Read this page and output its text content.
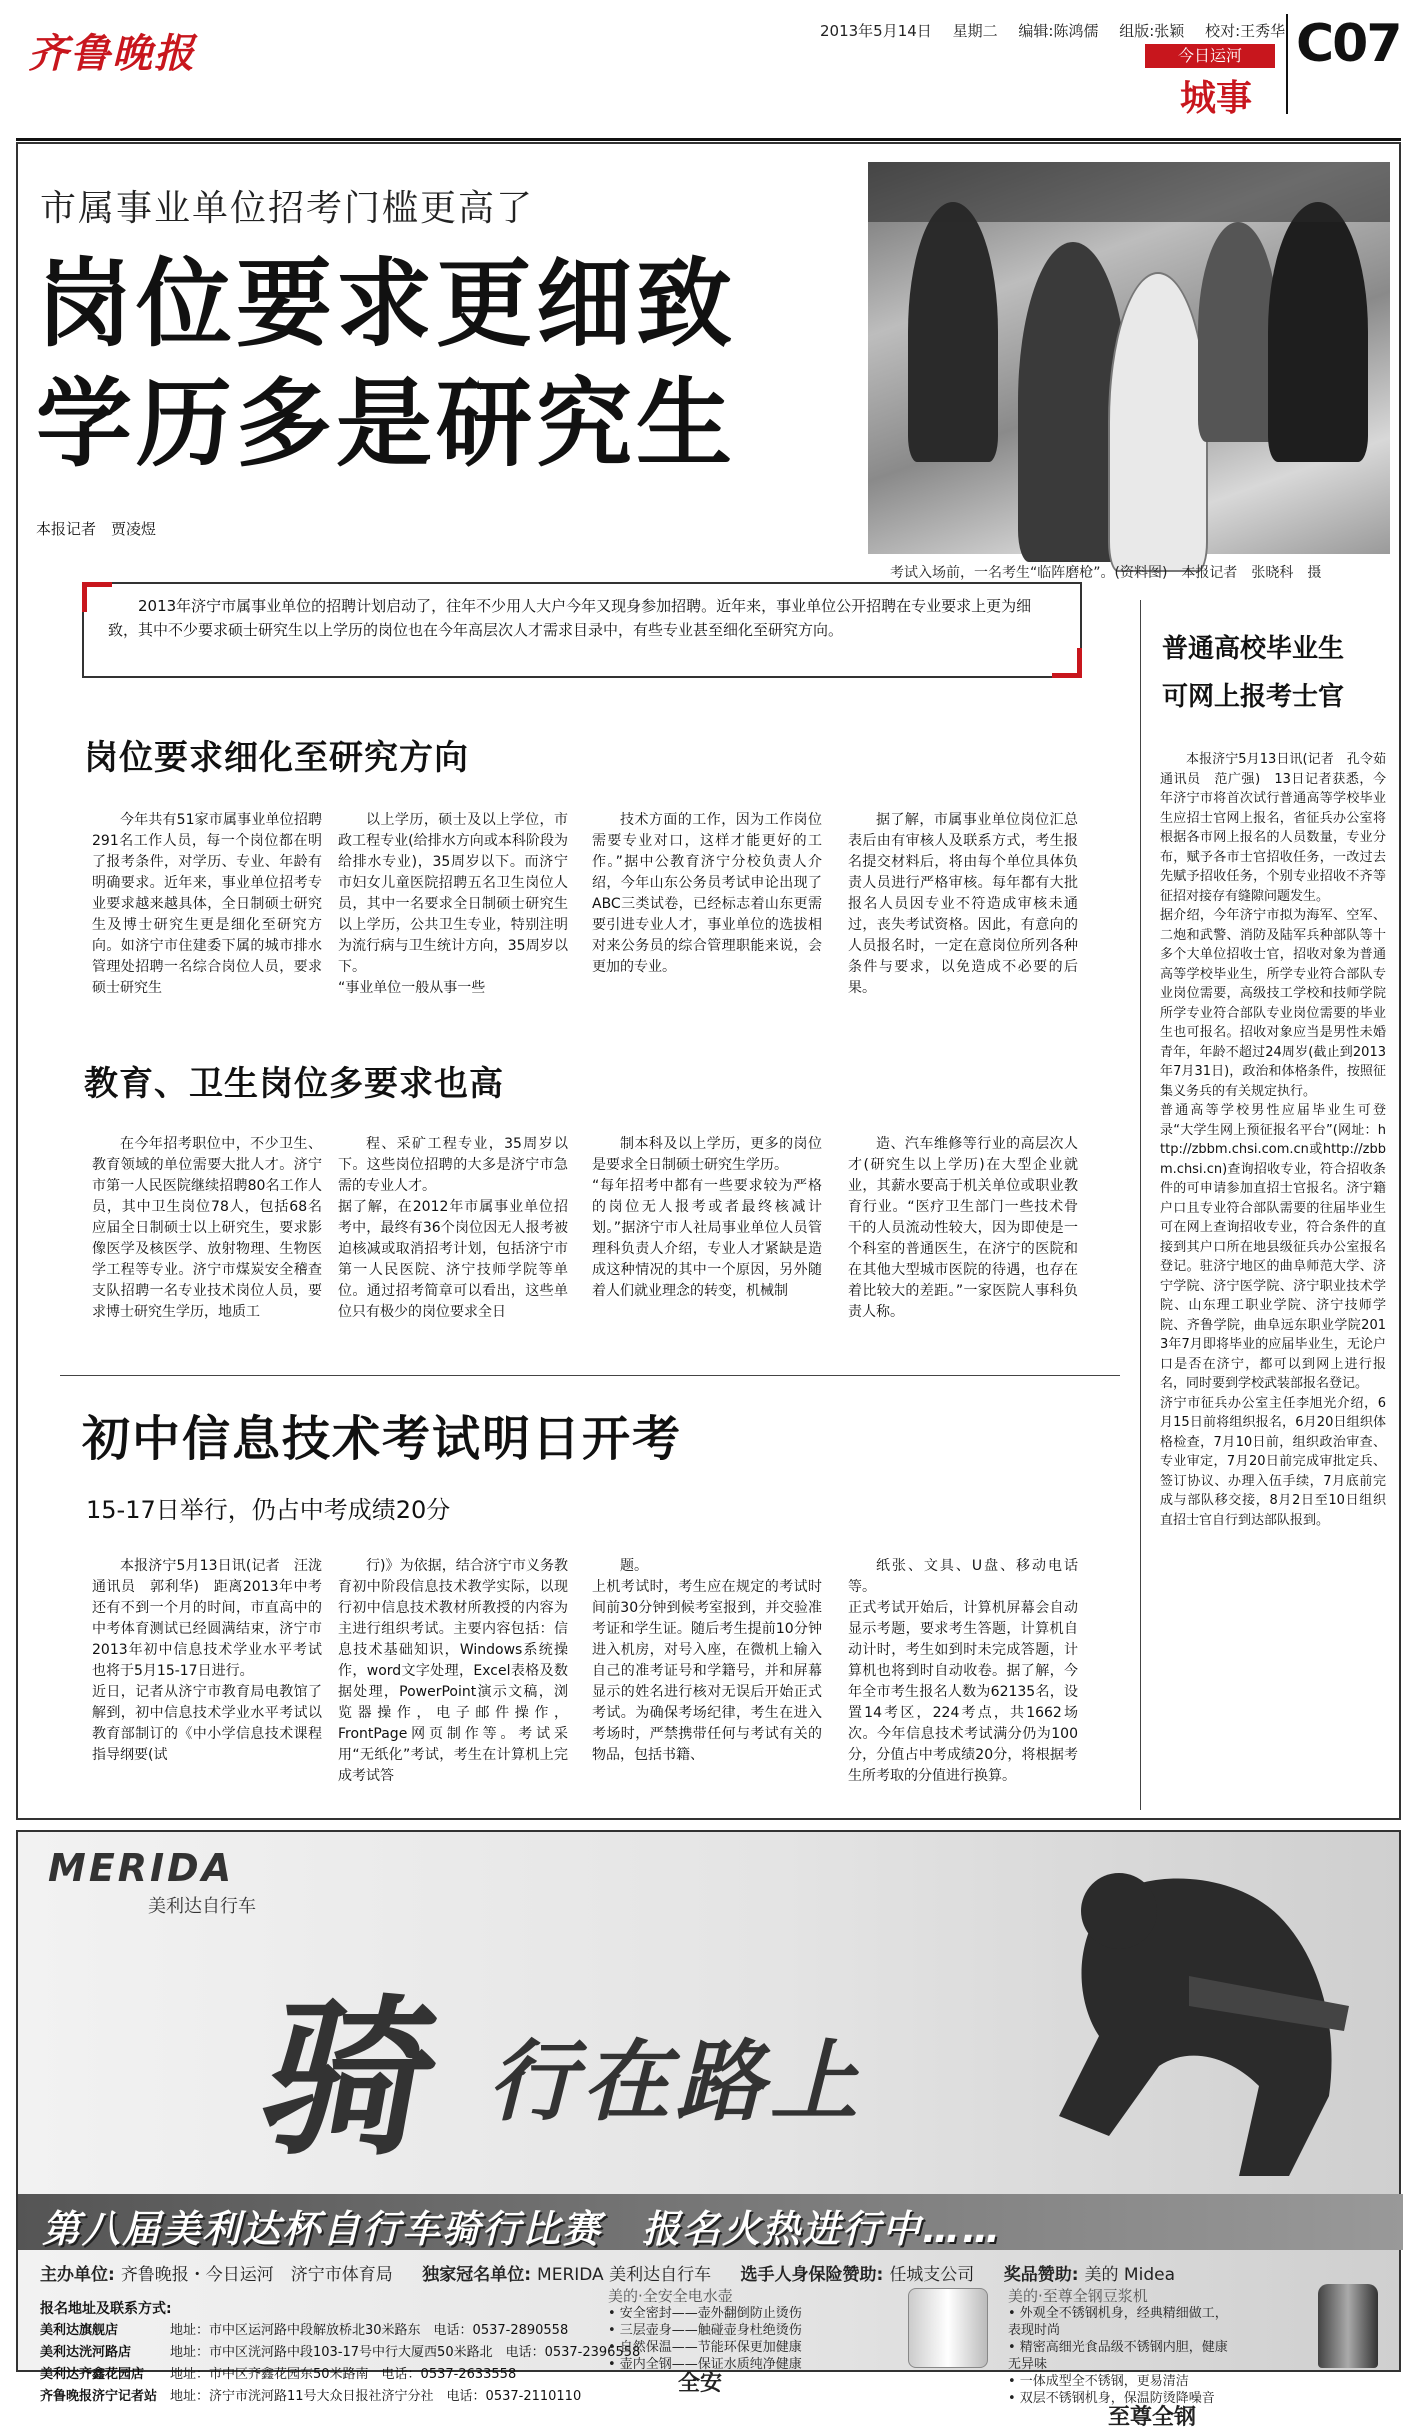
齐鲁晚报	2013年5月14日 星期二 编辑:陈鸿儒 组版:张颖 校对:王秀华
今日运河
城事
C07
市属事业单位招考门槛更高了
岗位要求更细致
学历多是研究生
本报记者　贾凌煜
考试入场前，一名考生“临阵磨枪”。(资料图)　本报记者　张晓科　摄

2013年济宁市属事业单位的招聘计划启动了，往年不少用人大户今年又现身参加招聘。近年来，事业单位公开招聘在专业要求上更为细致，其中不少要求硕士研究生以上学历的岗位也在今年高层次人才需求目录中，有些专业甚至细化至研究方向。

岗位要求细化至研究方向

今年共有51家市属事业单位招聘291名工作人员，每一个岗位都在明了报考条件，对学历、专业、年龄有明确要求。近年来，事业单位招考专业要求越来越具体，全日制硕士研究生及博士研究生更是细化至研究方向。如济宁市住建委下属的城市排水管理处招聘一名综合岗位人员，要求硕士研究生

以上学历，硕士及以上学位，市政工程专业(给排水方向或本科阶段为给排水专业)，35周岁以下。而济宁市妇女儿童医院招聘五名卫生岗位人员，其中一名要求全日制硕士研究生以上学历，公共卫生专业，特别注明为流行病与卫生统计方向，35周岁以下。
“事业单位一般从事一些

技术方面的工作，因为工作岗位需要专业对口，这样才能更好的工作。”据中公教育济宁分校负责人介绍，今年山东公务员考试申论出现了ABC三类试卷，已经标志着山东更需要引进专业人才，事业单位的选拔相对来公务员的综合管理职能来说，会更加的专业。

据了解，市属事业单位岗位汇总表后由有审核人及联系方式，考生报名提交材料后，将由每个单位具体负责人员进行严格审核。每年都有大批报名人员因专业不符造成审核未通过，丧失考试资格。因此，有意向的人员报名时，一定在意岗位所列各种条件与要求，以免造成不必要的后果。

教育、卫生岗位多要求也高

在今年招考职位中，不少卫生、教育领域的单位需要大批人才。济宁市第一人民医院继续招聘80名工作人员，其中卫生岗位78人，包括68名应届全日制硕士以上研究生，要求影像医学及核医学、放射物理、生物医学工程等专业。济宁市煤炭安全稽查支队招聘一名专业技术岗位人员，要求博士研究生学历，地质工

程、采矿工程专业，35周岁以下。这些岗位招聘的大多是济宁市急需的专业人才。
据了解，在2012年市属事业单位招考中，最终有36个岗位因无人报考被迫核减或取消招考计划，包括济宁市第一人民医院、济宁技师学院等单位。通过招考简章可以看出，这些单位只有极少的岗位要求全日

制本科及以上学历，更多的岗位是要求全日制硕士研究生学历。
“每年招考中都有一些要求较为严格的岗位无人报考或者最终核减计划。”据济宁市人社局事业单位人员管理科负责人介绍，专业人才紧缺是造成这种情况的其中一个原因，另外随着人们就业理念的转变，机械制

造、汽车维修等行业的高层次人才(研究生以上学历)在大型企业就业，其薪水要高于机关单位或职业教育行业。“医疗卫生部门一些技术骨干的人员流动性较大，因为即使是一个科室的普通医生，在济宁的医院和在其他大型城市医院的待遇，也存在着比较大的差距。”一家医院人事科负责人称。

初中信息技术考试明日开考
15-17日举行，仍占中考成绩20分

本报济宁5月13日讯(记者　汪泷　通讯员　郭利华)　距离2013年中考还有不到一个月的时间，市直高中的中考体育测试已经圆满结束，济宁市2013年初中信息技术学业水平考试也将于5月15-17日进行。
近日，记者从济宁市教育局电教馆了解到，初中信息技术学业水平考试以教育部制订的《中小学信息技术课程指导纲要(试

行)》为依据，结合济宁市义务教育初中阶段信息技术教学实际，以现行初中信息技术教材所教授的内容为主进行组织考试。主要内容包括：信息技术基础知识，Windows系统操作，word文字处理，Excel表格及数据处理，PowerPoint演示文稿，浏览器操作，电子邮件操作，FrontPage网页制作等。考试采用“无纸化”考试，考生在计算机上完成考试答

题。
上机考试时，考生应在规定的考试时间前30分钟到候考室报到，并交验准考证和学生证。随后考生提前10分钟进入机房，对号入座，在微机上输入自己的准考证号和学籍号，并和屏幕显示的姓名进行核对无误后开始正式考试。为确保考场纪律，考生在进入考场时，严禁携带任何与考试有关的物品，包括书籍、

纸张、文具、U盘、移动电话等。
正式考试开始后，计算机屏幕会自动显示考题，要求考生答题，计算机自动计时，考生如到时未完成答题，计算机也将到时自动收卷。据了解，今年全市考生报名人数为62135名，设置14考区，224考点，共1662场次。今年信息技术考试满分仍为100分，分值占中考成绩20分，将根据考生所考取的分值进行换算。

普通高校毕业生
可网上报考士官

本报济宁5月13日讯(记者　孔令茹　通讯员　范广强)　13日记者获悉，今年济宁市将首次试行普通高等学校毕业生应招士官网上报名，省征兵办公室将根据各市网上报名的人员数量，专业分布，赋予各市士官招收任务，一改过去先赋予招收任务，个别专业招收不齐等征招对接存有缝隙问题发生。
据介绍，今年济宁市拟为海军、空军、二炮和武警、消防及陆军兵种部队等十多个大单位招收士官，招收对象为普通高等学校毕业生，所学专业符合部队专业岗位需要，高级技工学校和技师学院所学专业符合部队专业岗位需要的毕业生也可报名。招收对象应当是男性未婚青年，年龄不超过24周岁(截止到2013年7月31日)，政治和体格条件，按照征集义务兵的有关规定执行。
普通高等学校男性应届毕业生可登录“大学生网上预征报名平台”(网址：http://zbbm.chsi.com.cn或http://zbbm.chsi.cn)查询招收专业，符合招收条件的可申请参加直招士官报名。济宁籍户口且专业符合部队需要的往届毕业生可在网上查询招收专业，符合条件的直接到其户口所在地县级征兵办公室报名登记。驻济宁地区的曲阜师范大学、济宁学院、济宁医学院、济宁职业技术学院、山东理工职业学院、济宁技师学院、齐鲁学院，曲阜远东职业学院2013年7月即将毕业的应届毕业生，无论户口是否在济宁，都可以到网上进行报名，同时要到学校武装部报名登记。
济宁市征兵办公室主任李旭光介绍，6月15日前将组织报名，6月20日组织体格检查，7月10日前，组织政治审查、专业审定，7月20日前完成审批定兵、签订协议、办理入伍手续，7月底前完成与部队移交接，8月2日至10日组织直招士官自行到达部队报到。

MERIDA
美利达自行车
骑 行在路上
第八届美利达杯自行车骑行比赛　报名火热进行中……
主办单位: 齐鲁晚报・今日运河　济宁市体育局 独家冠名单位: MERIDA 美利达自行车 选手人身保险赞助: 任城支公司 奖品赞助: 美的 Midea
报名地址及联系方式:
美利达旗舰店	地址：市中区运河路中段解放桥北30米路东　电话：0537-2890558
美利达洸河路店	地址：市中区洸河路中段103-17号中行大厦西50米路北　电话：0537-2396558
美利达齐鑫花园店 地址：市中区齐鑫花园东50米路南　电话：0537-2633558
齐鲁晚报济宁记者站 地址：济宁市洸河路11号大众日报社济宁分社　电话：0537-2110110
美的·全安全电水壶
• 安全密封——壶外翻倒防止烫伤
• 三层壶身——触碰壶身杜绝烫伤
• 自然保温——节能环保更加健康
• 壶内全钢——保证水质纯净健康
全安
美的·至尊全钢豆浆机
• 外观全不锈钢机身，经典精细做工，表现时尚
• 精密高细光食品级不锈钢内胆，健康无异味
• 一体成型全不锈钢，更易清洁
• 双层不锈钢机身，保温防烫降噪音
至尊全钢
